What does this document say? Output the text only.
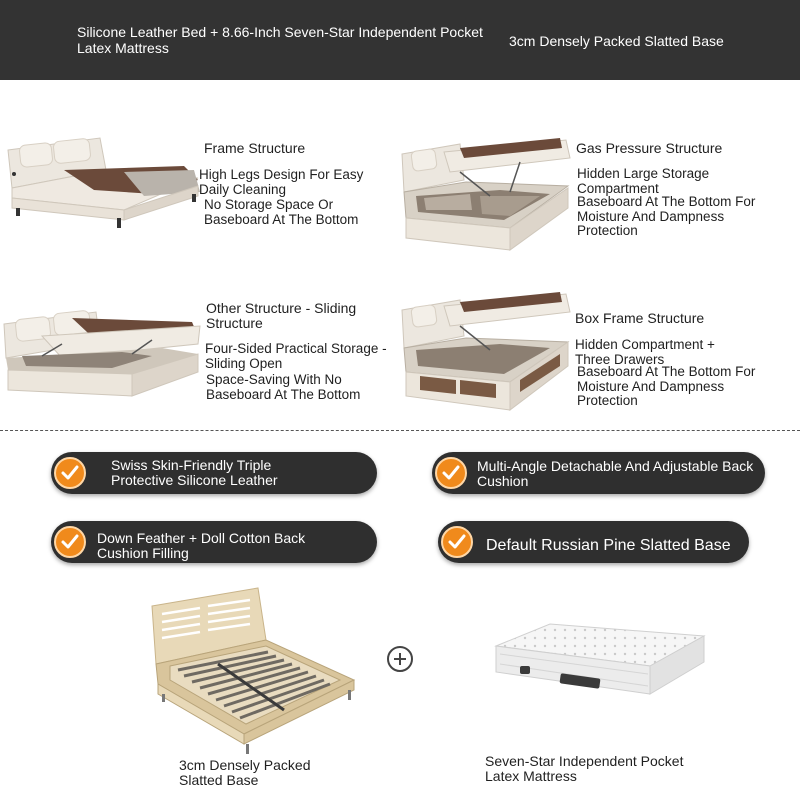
Silicone Leather Bed + 8.66-Inch Seven-Star Independent Pocket Latex Mattress	3cm Densely Packed Slatted Base
Frame Structure
High Legs Design For Easy Daily Cleaning
No Storage Space Or Baseboard At The Bottom
Gas Pressure Structure
Hidden Large Storage Compartment
Baseboard At The Bottom For Moisture And Dampness Protection
Other Structure - Sliding Structure
Four-Sided Practical Storage - Sliding Open
Space-Saving With No Baseboard At The Bottom
Box Frame Structure
Hidden Compartment + Three Drawers
Baseboard At The Bottom For Moisture And Dampness Protection
Swiss Skin-Friendly Triple Protective Silicone Leather
Multi-Angle Detachable And Adjustable Back Cushion
Down Feather + Doll Cotton Back Cushion Filling	Default Russian Pine Slatted Base
3cm Densely Packed Slatted Base
Seven-Star Independent Pocket Latex Mattress
